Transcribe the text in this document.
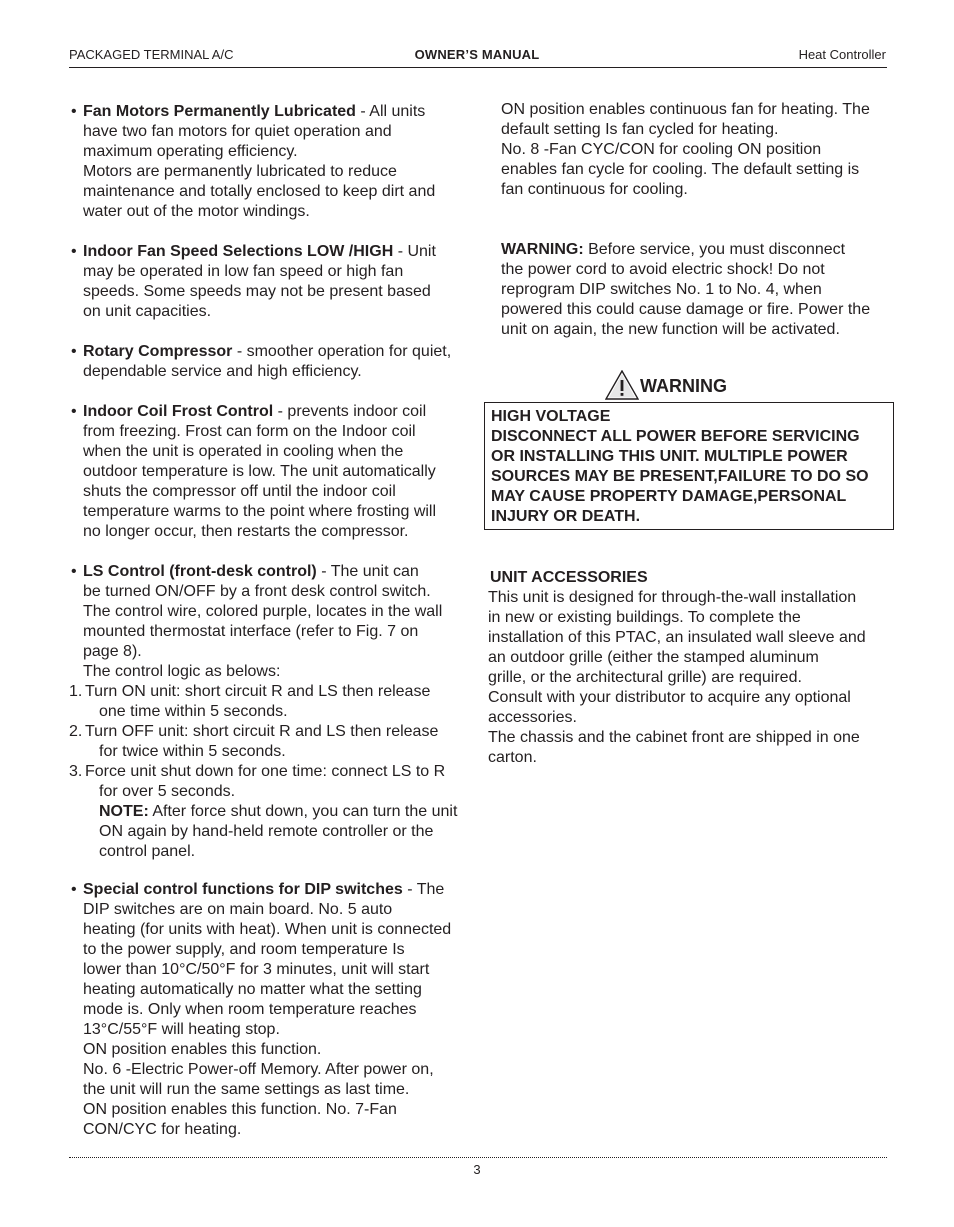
PACKAGED TERMINAL A/C	OWNER’S MANUAL	Heat Controller
• Fan Motors Permanently Lubricated - All units

have two fan motors for quiet operation and

maximum operating efficiency.

Motors are permanently lubricated to reduce

maintenance and totally enclosed to keep dirt and

water out of the motor windings.

• Indoor Fan Speed Selections LOW /HIGH - Unit

may be operated in low fan speed or high fan

speeds. Some speeds may not be present based

on unit capacities.

• Rotary Compressor - smoother operation for quiet,

dependable service and high efficiency.

• Indoor Coil Frost Control - prevents indoor coil

from freezing. Frost can form on the Indoor coil

when the unit is operated in cooling when the

outdoor temperature is low. The unit automatically

shuts the compressor off until the indoor coil

temperature warms to the point where frosting will

no longer occur, then restarts the compressor.

• LS Control (front-desk control) - The unit can

be turned ON/OFF by a front desk control switch.

The control wire, colored purple, locates in the wall

mounted thermostat interface (refer to Fig. 7 on

page 8).

The control logic as belows:

1. Turn ON unit: short circuit R and LS then release

one time within 5 seconds.

2. Turn OFF unit: short circuit R and LS then release

for twice within 5 seconds.

3. Force unit shut down for one time: connect LS to R

for over 5 seconds.

NOTE: After force shut down, you can turn the unit

ON again by hand-held remote controller or the

control panel.

• Special control functions for DIP switches - The

DIP switches are on main board. No. 5 auto

heating (for units with heat). When unit is connected

to the power supply, and room temperature Is

lower than 10°C/50°F for 3 minutes, unit will start

heating automatically no matter what the setting

mode is. Only when room temperature reaches

13°C/55°F will heating stop.

ON position enables this function.

No. 6 -Electric Power-off Memory. After power on,

the unit will run the same settings as last time.

ON position enables this function. No. 7-Fan

CON/CYC for heating.

ON position enables continuous fan for heating. The

default setting Is fan cycled for heating.

No. 8 -Fan CYC/CON for cooling ON position

enables fan cycle for cooling. The default setting is

fan continuous for cooling.

WARNING: Before service, you must disconnect

the power cord to avoid electric shock! Do not

reprogram DIP switches No. 1 to No. 4, when

powered this could cause damage or fire. Power the

unit on again, the new function will be activated.

WARNING

HIGH VOLTAGE

DISCONNECT ALL POWER BEFORE SERVICING

OR INSTALLING THIS UNIT. MULTIPLE POWER

SOURCES MAY BE PRESENT,FAILURE TO DO SO

MAY CAUSE PROPERTY DAMAGE,PERSONAL

INJURY OR DEATH.

UNIT ACCESSORIES

This unit is designed for through-the-wall installation

in new or existing buildings. To complete the

installation of this PTAC, an insulated wall sleeve and

an outdoor grille (either the stamped aluminum

grille, or the architectural grille) are required.

Consult with your distributor to acquire any optional

accessories.

The chassis and the cabinet front are shipped in one

carton.

3
